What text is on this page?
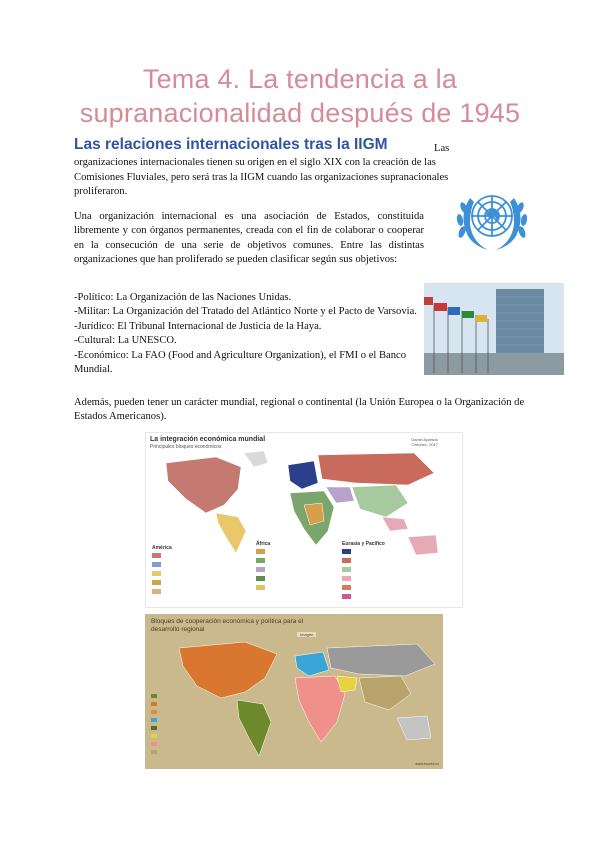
Tema 4. La tendencia a la
supranacionalidad después de 1945
Las relaciones internacionales tras la IIGM	Las organizaciones internacionales tienen su origen en el siglo XIX con la creación de las Comisiones Fluviales, pero será tras la IIGM cuando las organizaciones supranacionales proliferaron.

Una organización internacional es una asociación de Estados, constituida libremente y con órganos permanentes, creada con el fin de colaborar o cooperar en la consecución de una serie de objetivos comunes. Entre las distintas organizaciones que han proliferado se pueden clasificar según sus objetivos:

-Político: La Organización de las Naciones Unidas.
-Militar: La Organización del Tratado del Atlántico Norte y el Pacto de Varsovia.
-Jurídico: El Tribunal Internacional de Justicia de la Haya.
-Cultural: La UNESCO.
-Económico: La FAO (Food and Agriculture Organization), el FMI o el Banco Mundial.

Además, pueden tener un carácter mundial, regional o continental (la Unión Europea o la Organización de Estados Americanos).

La integración económica mundial
Principales bloques económicos
Daniel Aparicio Ordoñez, 2017
América
África	Eurasia y Pacífico
Bloques de cooperación económica y política para el desarrollo regional
Imagen
www.ecured.cu
